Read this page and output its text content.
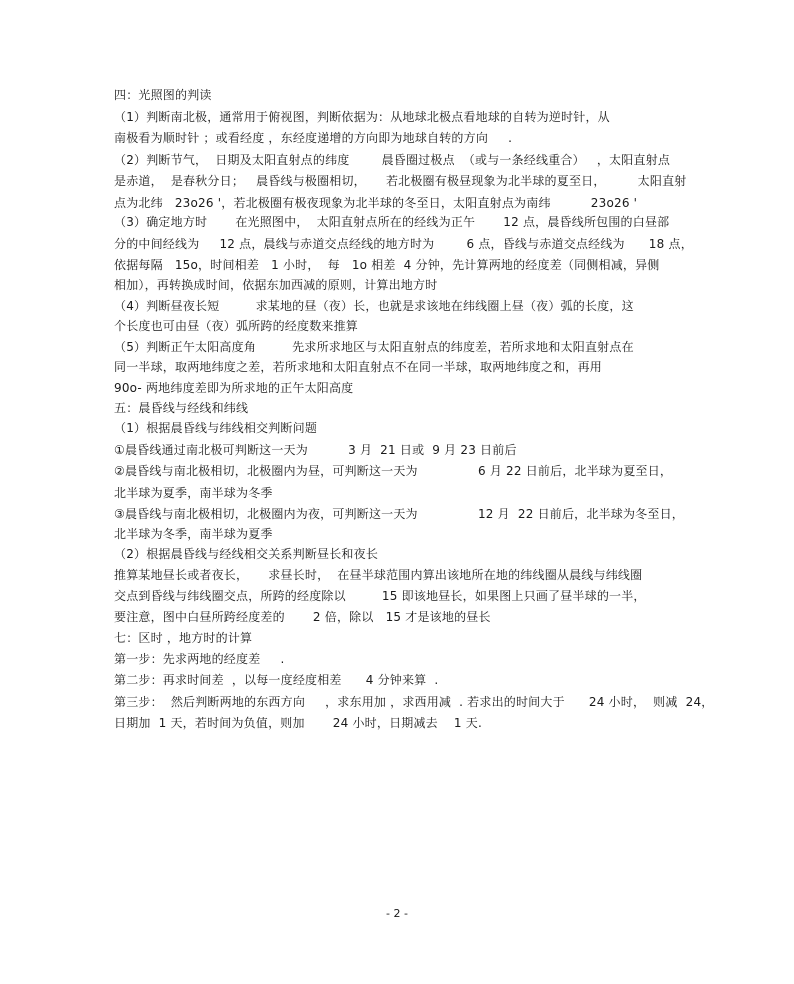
四：光照图的判读
（1）判断南北极，通常用于俯视图，判断依据为：从地球北极点看地球的自转为逆时针，从
南极看为顺时针 ；或看经度 ，东经度递增的方向即为地球自转的方向     .
（2）判断节气，  日期及太阳直射点的纬度        晨昏圈过极点  （或与一条经线重合）   ，太阳直射点
是赤道，  是春秋分日；   晨昏线与极圈相切，     若北极圈有极昼现象为北半球的夏至日，        太阳直射
点为北纬   23o26 '，若北极圈有极夜现象为北半球的冬至日，太阳直射点为南纬          23o26 '
（3）确定地方时       在光照图中，  太阳直射点所在的经线为正午       12 点，晨昏线所包围的白昼部
分的中间经线为     12 点，晨线与赤道交点经线的地方时为        6 点，昏线与赤道交点经线为      18 点，
依据每隔   15o，时间相差   1 小时，  每   1o 相差  4 分钟，先计算两地的经度差（同侧相减，异侧
相加），再转换成时间，依据东加西减的原则，计算出地方时
（4）判断昼夜长短         求某地的昼（夜）长，也就是求该地在纬线圈上昼（夜）弧的长度，这
个长度也可由昼（夜）弧所跨的经度数来推算
（5）判断正午太阳高度角         先求所求地区与太阳直射点的纬度差，若所求地和太阳直射点在
同一半球，取两地纬度之差，若所求地和太阳直射点不在同一半球，取两地纬度之和，再用
90o- 两地纬度差即为所求地的正午太阳高度
五：晨昏线与经线和纬线
（1）根据晨昏线与纬线相交判断问题
①晨昏线通过南北极可判断这一天为          3 月  21 日或  9 月 23 日前后
②晨昏线与南北极相切，北极圈内为昼，可判断这一天为               6 月 22 日前后，北半球为夏至日，
北半球为夏季，南半球为冬季
③晨昏线与南北极相切，北极圈内为夜，可判断这一天为               12 月  22 日前后，北半球为冬至日，
北半球为冬季，南半球为夏季
（2）根据晨昏线与经线相交关系判断昼长和夜长
推算某地昼长或者夜长，     求昼长时，  在昼半球范围内算出该地所在地的纬线圈从晨线与纬线圈
交点到昏线与纬线圈交点，所跨的经度除以         15 即该地昼长，如果图上只画了昼半球的一半，
要注意，图中白昼所跨经度差的       2 倍，除以   15 才是该地的昼长
七：区时 ，地方时的计算
第一步：先求两地的经度差     .
第二步：再求时间差  ，以每一度经度相差      4 分钟来算  .
第三步：  然后判断两地的东西方向     ，求东用加 ，求西用减  . 若求出的时间大于      24 小时，  则减  24，
日期加  1 天，若时间为负值，则加       24 小时，日期减去    1 天.
- 2 -
